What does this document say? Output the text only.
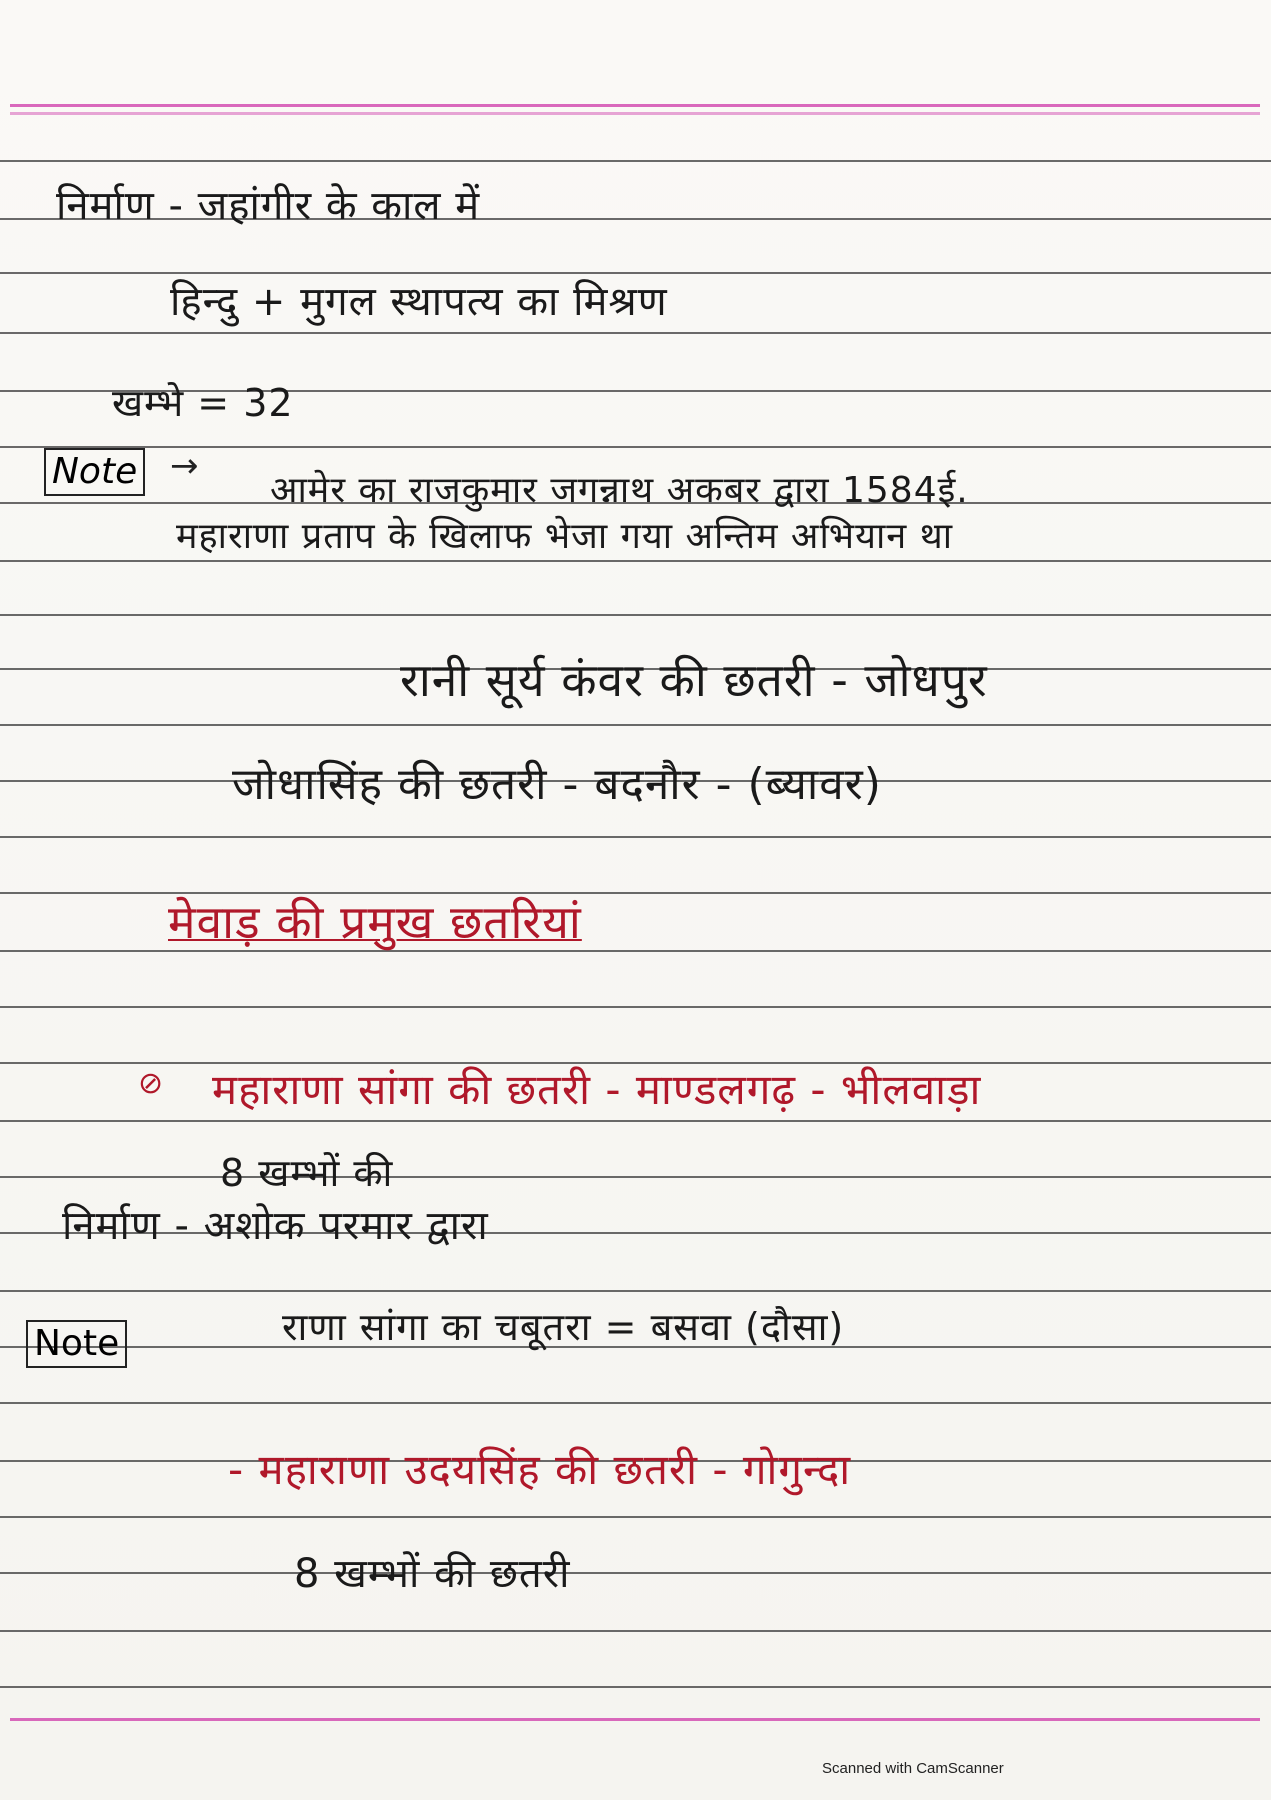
निर्माण - जहांगीर के काल में
हिन्दु + मुगल स्थापत्य का मिश्रण
खम्भे = 32
Note →
आमेर का राजकुमार जगन्नाथ अकबर द्वारा 1584ई.
महाराणा प्रताप के खिलाफ भेजा गया अन्तिम अभियान था
रानी सूर्य कंवर की छतरी - जोधपुर
जोधासिंह की छतरी - बदनौर - (ब्यावर)
मेवाड़ की प्रमुख छतरियां
⊘ महाराणा सांगा की छतरी - माण्डलगढ़ - भीलवाड़ा
8 खम्भों की
निर्माण - अशोक परमार द्वारा
Note	राणा सांगा का चबूतरा = बसवा (दौसा)
- महाराणा उदयसिंह की छतरी - गोगुन्दा
8 खम्भों की छतरी
Scanned with CamScanner
